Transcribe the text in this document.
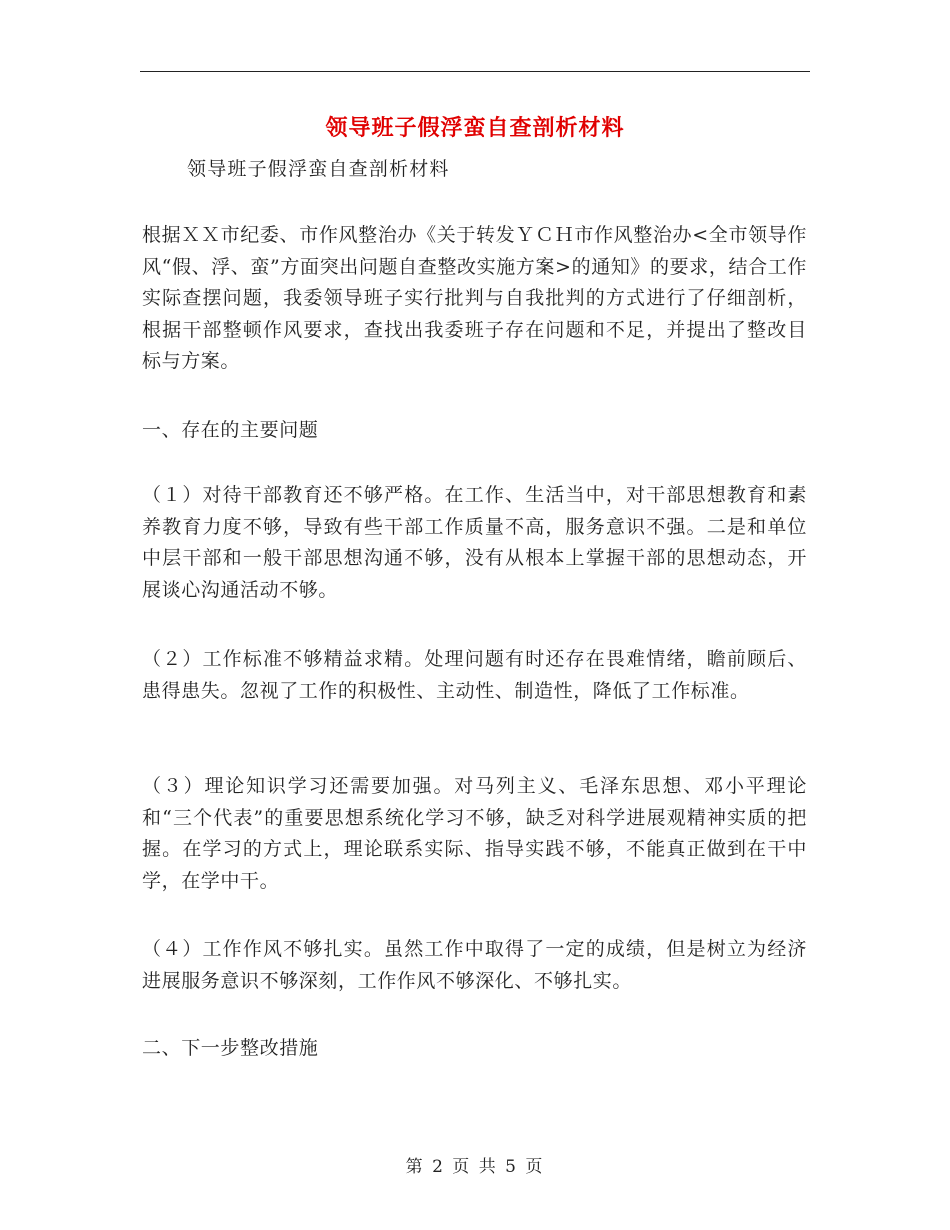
领导班子假浮蛮自查剖析材料
领导班子假浮蛮自查剖析材料

根据ＸＸ市纪委、市作风整治办《关于转发ＹＣＨ市作风整治办<全市领导作风“假、浮、蛮”方面突出问题自查整改实施方案>的通知》的要求，结合工作实际查摆问题，我委领导班子实行批判与自我批判的方式进行了仔细剖析，根据干部整顿作风要求，查找出我委班子存在问题和不足，并提出了整改目标与方案。

一、存在的主要问题

（１）对待干部教育还不够严格。在工作、生活当中，对干部思想教育和素养教育力度不够，导致有些干部工作质量不高，服务意识不强。二是和单位中层干部和一般干部思想沟通不够，没有从根本上掌握干部的思想动态，开展谈心沟通活动不够。

（２）工作标准不够精益求精。处理问题有时还存在畏难情绪，瞻前顾后、患得患失。忽视了工作的积极性、主动性、制造性，降低了工作标准。

（３）理论知识学习还需要加强。对马列主义、毛泽东思想、邓小平理论和“三个代表”的重要思想系统化学习不够，缺乏对科学进展观精神实质的把握。在学习的方式上，理论联系实际、指导实践不够，不能真正做到在干中学，在学中干。

（４）工作作风不够扎实。虽然工作中取得了一定的成绩，但是树立为经济进展服务意识不够深刻，工作作风不够深化、不够扎实。

二、下一步整改措施

第 2 页 共 5 页
